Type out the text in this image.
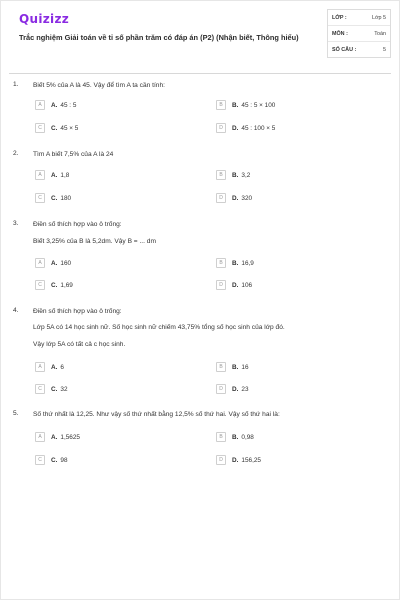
Quizizz
Trắc nghiệm Giải toán về tỉ số phần trăm có đáp án (P2) (Nhận biết, Thông hiểu)
LỚP :	Lớp 5
MÔN :	Toán
SỐ CÂU :	5
1. Biết 5% của A là 45. Vậy để tìm A ta cần tính:
A	A. 45 : 5	B	B. 45 : 5 × 100
C	C. 45 × 5	D	D. 45 : 100 × 5
2. Tìm A biết 7,5% của A là 24
A	A. 1,8	B	B. 3,2
C	C. 180	D	D. 320
3. Điền số thích hợp vào ô trống:
Biết 3,25% của B là 5,2dm. Vậy B = ... dm
A	A. 160	B	B. 16,9
C	C. 1,69	D	D. 106
4. Điền số thích hợp vào ô trống:
Lớp 5A có 14 học sinh nữ. Số học sinh nữ chiếm 43,75% tổng số học sinh của lớp đó.
Vậy lớp 5A có tất cả c học sinh.
A	A. 6	B	B. 16
C	C. 32	D	D. 23
5. Số thứ nhất là 12,25. Như vậy số thứ nhất bằng 12,5% số thứ hai. Vậy số thứ hai là:
A	A. 1,5625	B	B. 0,98
C	C. 98	D	D. 156,25
